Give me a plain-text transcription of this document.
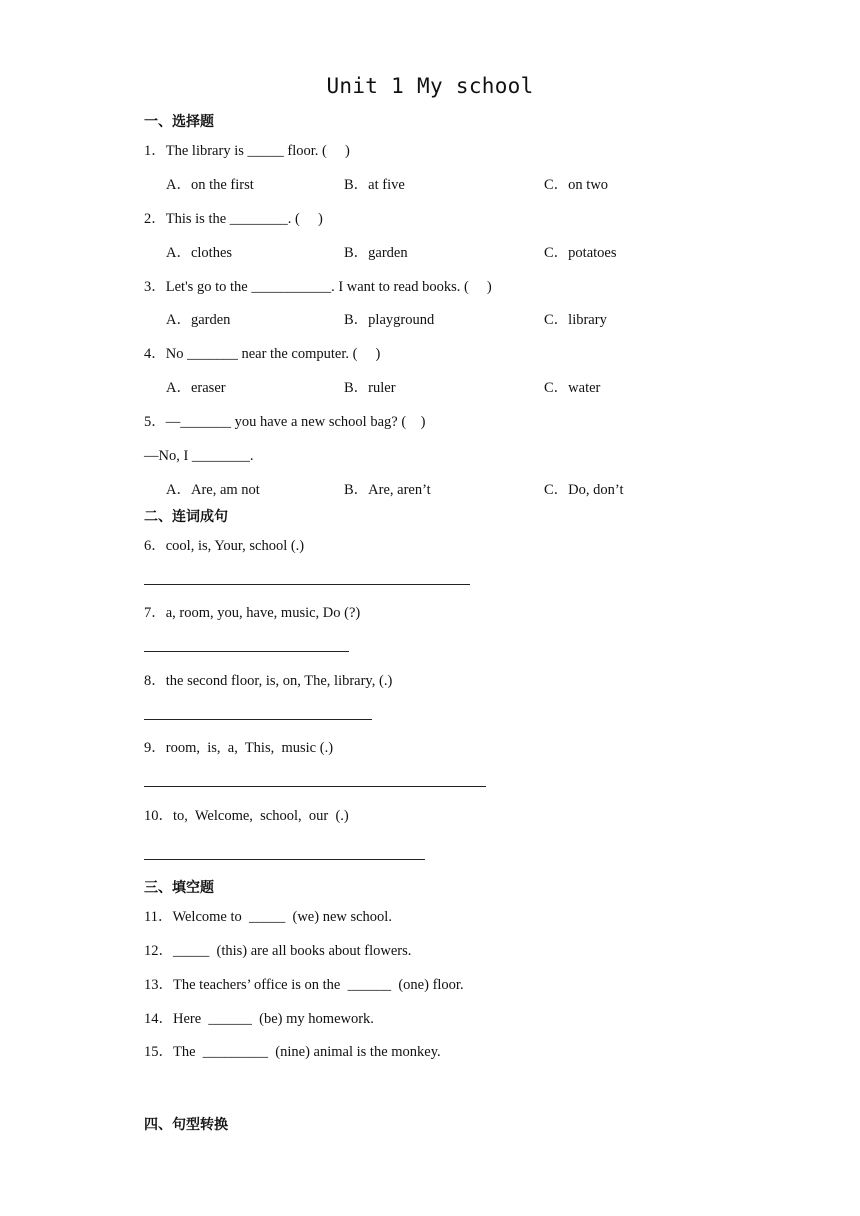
Unit 1 My school
一、选择题
1．The library is _____ floor. (     )
A．on the first	B．at five	C．on two
2．This is the ________. (     )
A．clothes	B．garden	C．potatoes
3．Let's go to the ___________. I want to read books. (     )
A．garden	B．playground	C．library
4．No _______ near the computer. (     )
A．eraser	B．ruler	C．water
5．—_______ you have a new school bag? (    )
—No, I ________.
A．Are, am not	B．Are, aren’t	C．Do, don’t
二、连词成句
6．cool, is, Your, school (.)
7．a, room, you, have, music, Do (?)
8．the second floor, is, on, The, library, (.)
9．room,  is,  a,  This,  music (.)
10．to,  Welcome,  school,  our  (.)
三、填空题
11．Welcome to  _____  (we) new school.
12．_____  (this) are all books about flowers.
13．The teachers’ office is on the  ______  (one) floor.
14．Here  ______  (be) my homework.
15．The  _________  (nine) animal is the monkey.
四、句型转换
